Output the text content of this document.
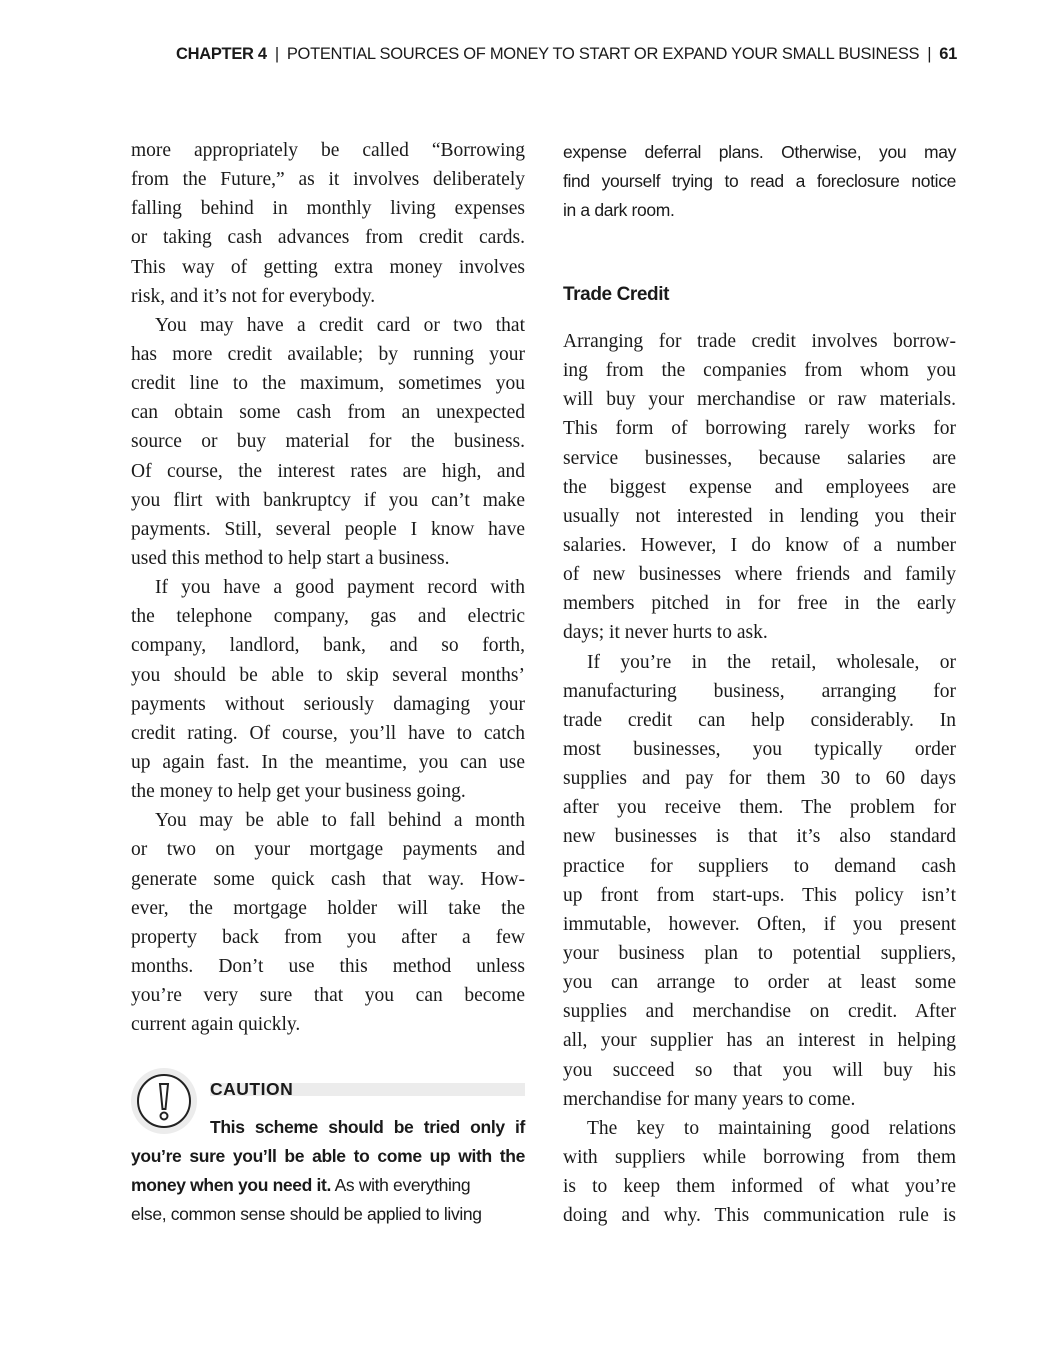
CHAPTER 4 | POTENTIAL SOURCES OF MONEY TO START OR EXPAND YOUR SMALL BUSINESS | 61
more appropriately be called “Borrowing
from the Future,” as it involves deliberately
falling behind in monthly living expenses
or taking cash advances from credit cards.
This way of getting extra money involves
risk, and it’s not for everybody.
You may have a credit card or two that
has more credit available; by running your
credit line to the maximum, sometimes you
can obtain some cash from an unexpected
source or buy material for the business.
Of course, the interest rates are high, and
you flirt with bankruptcy if you can’t make
payments. Still, several people I know have
used this method to help start a business.
If you have a good payment record with
the telephone company, gas and electric
company, landlord, bank, and so forth,
you should be able to skip several months’
payments without seriously damaging your
credit rating. Of course, you’ll have to catch
up again fast. In the meantime, you can use
the money to help get your business going.
You may be able to fall behind a month
or two on your mortgage payments and
generate some quick cash that way. How-
ever, the mortgage holder will take the
property back from you after a few
months. Don’t use this method unless
you’re very sure that you can become
current again quickly.
CAUTION
This scheme should be tried only if
you’re sure you’ll be able to come up with the
money when you need it. As with everything
else, common sense should be applied to living
expense deferral plans. Otherwise, you may
find yourself trying to read a foreclosure notice
in a dark room.
Trade Credit
Arranging for trade credit involves borrow-
ing from the companies from whom you
will buy your merchandise or raw materials.
This form of borrowing rarely works for
service businesses, because salaries are
the biggest expense and employees are
usually not interested in lending you their
salaries. However, I do know of a number
of new businesses where friends and family
members pitched in for free in the early
days; it never hurts to ask.
If you’re in the retail, wholesale, or
manufacturing business, arranging for
trade credit can help considerably. In
most businesses, you typically order
supplies and pay for them 30 to 60 days
after you receive them. The problem for
new businesses is that it’s also standard
practice for suppliers to demand cash
up front from start-ups. This policy isn’t
immutable, however. Often, if you present
your business plan to potential suppliers,
you can arrange to order at least some
supplies and merchandise on credit. After
all, your supplier has an interest in helping
you succeed so that you will buy his
merchandise for many years to come.
The key to maintaining good relations
with suppliers while borrowing from them
is to keep them informed of what you’re
doing and why. This communication rule is
